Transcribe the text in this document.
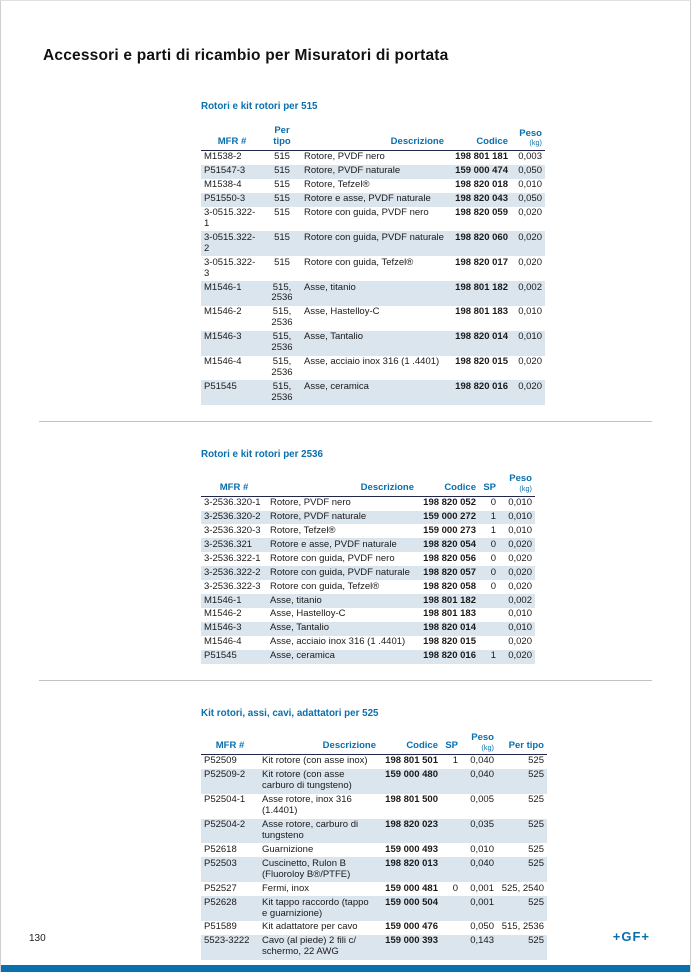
Accessori e parti di ricambio per Misuratori di portata
Rotori e kit rotori per 515
MFR #	Per tipo	Descrizione	Codice	Peso
(kg)

M1538-2	515	Rotore, PVDF nero	198 801 181	0,003
P51547-3	515	Rotore, PVDF naturale	159 000 474	0,050
M1538-4	515	Rotore, Tefzel®	198 820 018	0,010
P51550-3	515	Rotore e asse, PVDF naturale	198 820 043	0,050
3-0515.322-1	515	Rotore con guida, PVDF nero	198 820 059	0,020
3-0515.322-2	515	Rotore con guida, PVDF naturale	198 820 060	0,020
3-0515.322-3	515	Rotore con guida, Tefzel®	198 820 017	0,020
M1546-1	515, 2536	Asse, titanio	198 801 182	0,002
M1546-2	515, 2536	Asse, Hastelloy-C	198 801 183	0,010
M1546-3	515, 2536	Asse, Tantalio	198 820 014	0,010
M1546-4	515, 2536	Asse, acciaio inox 316 (1 .4401)	198 820 015	0,020
P51545	515, 2536	Asse, ceramica	198 820 016	0,020
Rotori e kit rotori per 2536
MFR #	Descrizione	Codice	SP	Peso
(kg)

3-2536.320-1	Rotore, PVDF nero	198 820 052	0	0,010
3-2536.320-2	Rotore, PVDF naturale	159 000 272	1	0,010
3-2536.320-3	Rotore, Tefzel®	159 000 273	1	0,010
3-2536.321	Rotore e asse, PVDF naturale	198 820 054	0	0,020
3-2536.322-1	Rotore con guida, PVDF nero	198 820 056	0	0,020
3-2536.322-2	Rotore con guida, PVDF naturale	198 820 057	0	0,020
3-2536.322-3	Rotore con guida, Tefzel®	198 820 058	0	0,020
M1546-1	Asse, titanio	198 801 182		0,002
M1546-2	Asse, Hastelloy-C	198 801 183		0,010
M1546-3	Asse, Tantalio	198 820 014		0,010
M1546-4	Asse, acciaio inox 316 (1 .4401)	198 820 015		0,020
P51545	Asse, ceramica	198 820 016	1	0,020
Kit rotori, assi, cavi, adattatori per 525
MFR #	Descrizione	Codice	SP	Peso
(kg)	Per tipo
P52509	Kit rotore (con asse inox)	198 801 501	1	0,040	525
P52509-2	Kit rotore (con asse carburo di tungsteno)	159 000 480		0,040	525
P52504-1	Asse rotore, inox 316 (1.4401)	198 801 500		0,005	525
P52504-2	Asse rotore, carburo di tungsteno	198 820 023		0,035	525
P52618	Guarnizione	159 000 493		0,010	525
P52503	Cuscinetto, Rulon B (Fluoroloy B®/PTFE)	198 820 013		0,040	525
P52527	Fermi, inox	159 000 481	0	0,001	525, 2540
P52628	Kit tappo raccordo (tappo e guarnizione)	159 000 504		0,001	525
P51589	Kit adattatore per cavo	159 000 476		0,050	515, 2536
5523-3222	Cavo (al piede) 2 fili c/ schermo, 22 AWG	159 000 393		0,143	525
130	+GF+
